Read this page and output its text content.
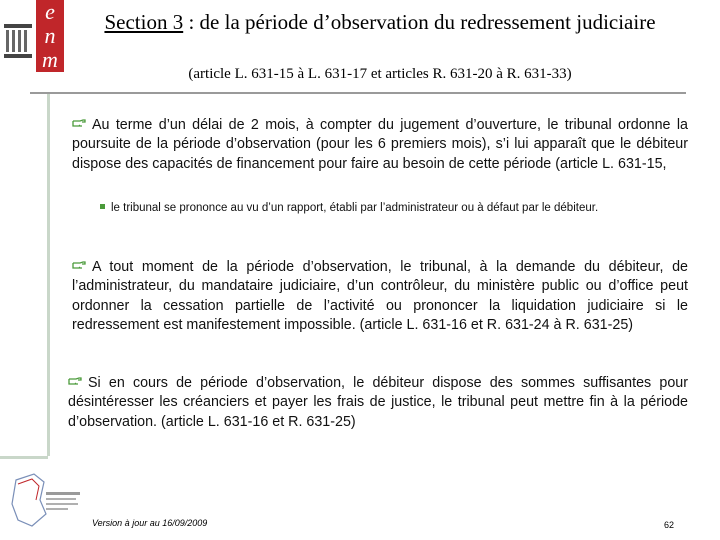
e
n
m
Section 3 : de la période d’observation du redressement judiciaire
(article L. 631-15 à L. 631-17 et articles R. 631-20 à R. 631-33)
Au terme d’un délai de 2 mois, à compter du jugement d’ouverture, le tribunal ordonne la poursuite de la période d’observation (pour les 6 premiers mois), s’i lui apparaît que le débiteur dispose des capacités de financement pour faire au besoin de cette période (article L. 631-15,
le tribunal se prononce au vu d’un rapport, établi par l’administrateur ou à défaut par le débiteur.
A tout moment de la période d’observation, le tribunal, à la demande du débiteur, de l’administrateur, du mandataire judiciaire, d’un contrôleur, du ministère public ou d’office peut ordonner la cessation partielle de l’activité ou prononcer la liquidation judiciaire si le redressement est manifestement impossible. (article L. 631-16 et R. 631-24 à R. 631-25)
Si en cours de période d’observation, le débiteur dispose des sommes suffisantes pour désintéresser les créanciers et payer les frais de justice, le tribunal peut mettre fin à la période d’observation. (article L. 631-16 et R. 631-25)
Version à jour au 16/09/2009	62
